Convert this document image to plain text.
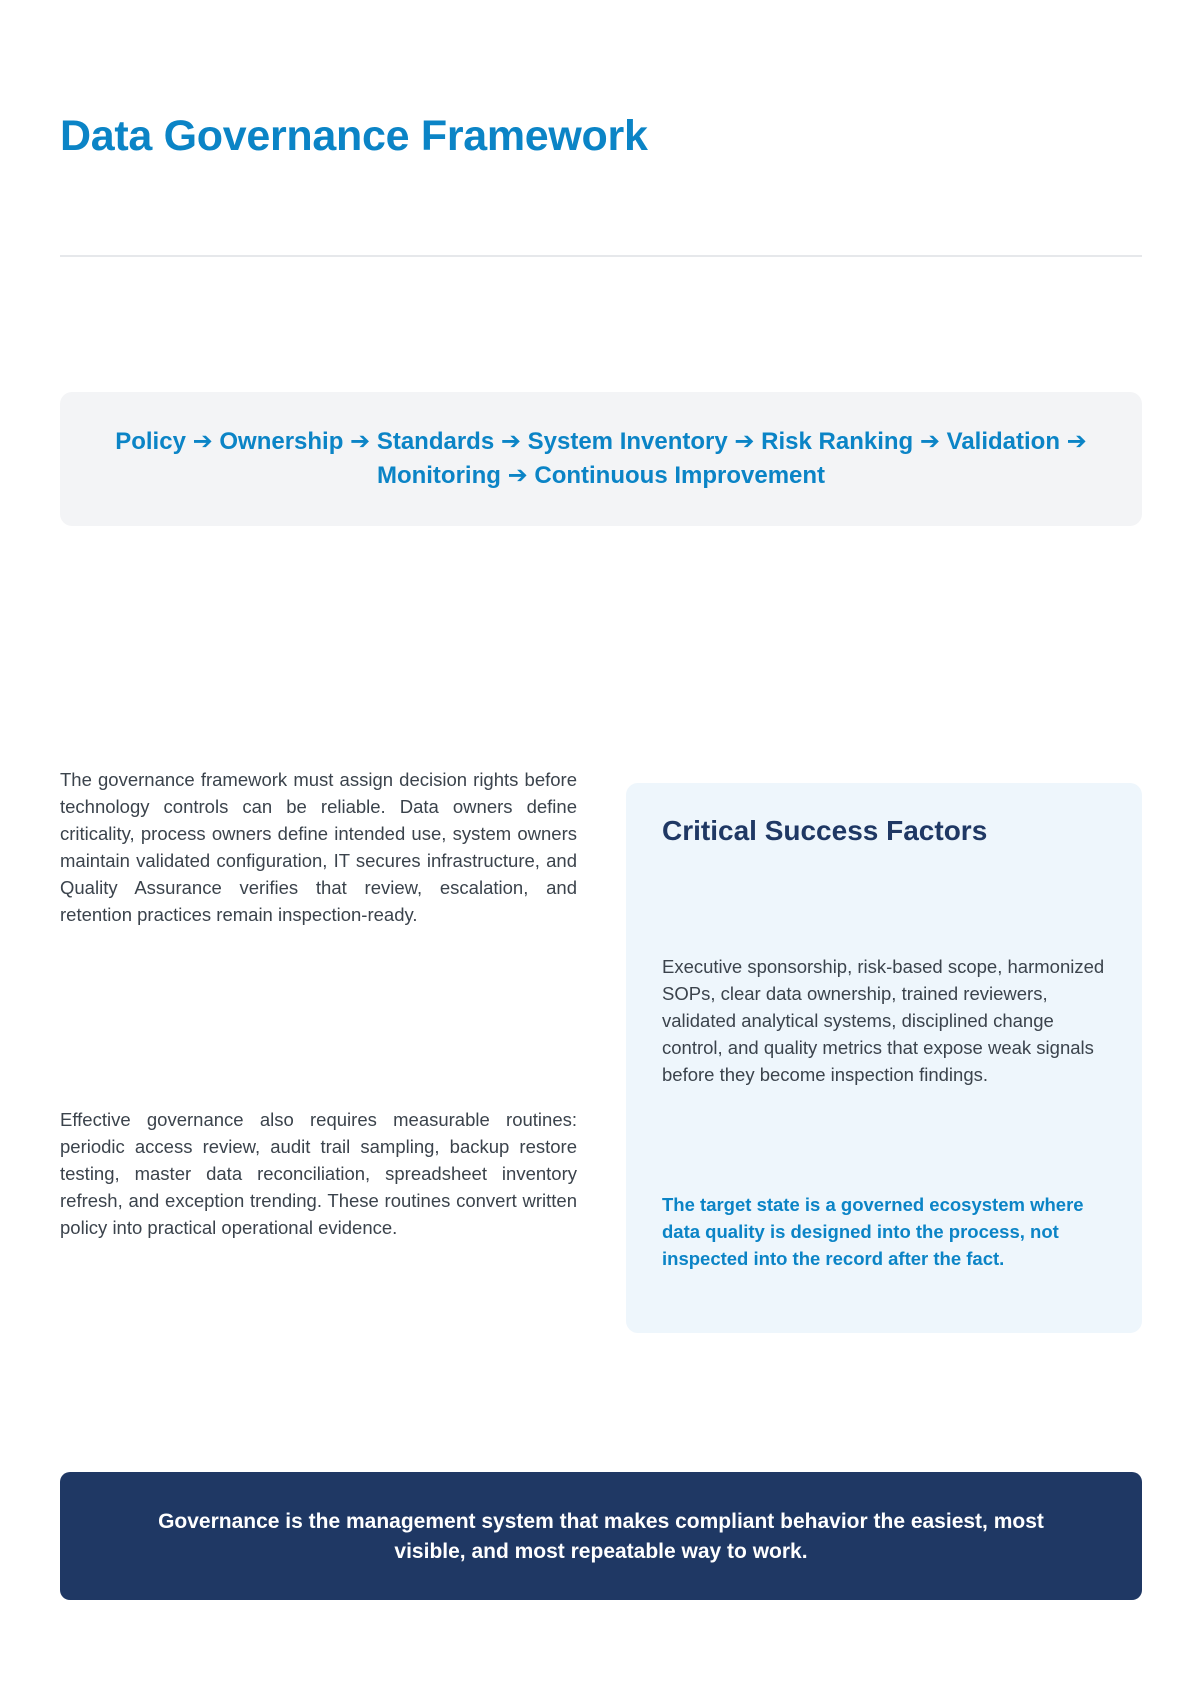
Data Governance Framework
Policy ➔ Ownership ➔ Standards ➔ System Inventory ➔ Risk Ranking ➔ Validation ➔ Monitoring ➔ Continuous Improvement

The governance framework must assign decision rights before technology controls can be reliable. Data owners define criticality, process owners define intended use, system owners maintain validated configuration, IT secures infrastructure, and Quality Assurance verifies that review, escalation, and retention practices remain inspection-ready.

Effective governance also requires measurable routines: periodic access review, audit trail sampling, backup restore testing, master data reconciliation, spreadsheet inventory refresh, and exception trending. These routines convert written policy into practical operational evidence.

Critical Success Factors

Executive sponsorship, risk-based scope, harmonized SOPs, clear data ownership, trained reviewers, validated analytical systems, disciplined change control, and quality metrics that expose weak signals before they become inspection findings.

The target state is a governed ecosystem where data quality is designed into the process, not inspected into the record after the fact.

Governance is the management system that makes compliant behavior the easiest, most visible, and most repeatable way to work.
